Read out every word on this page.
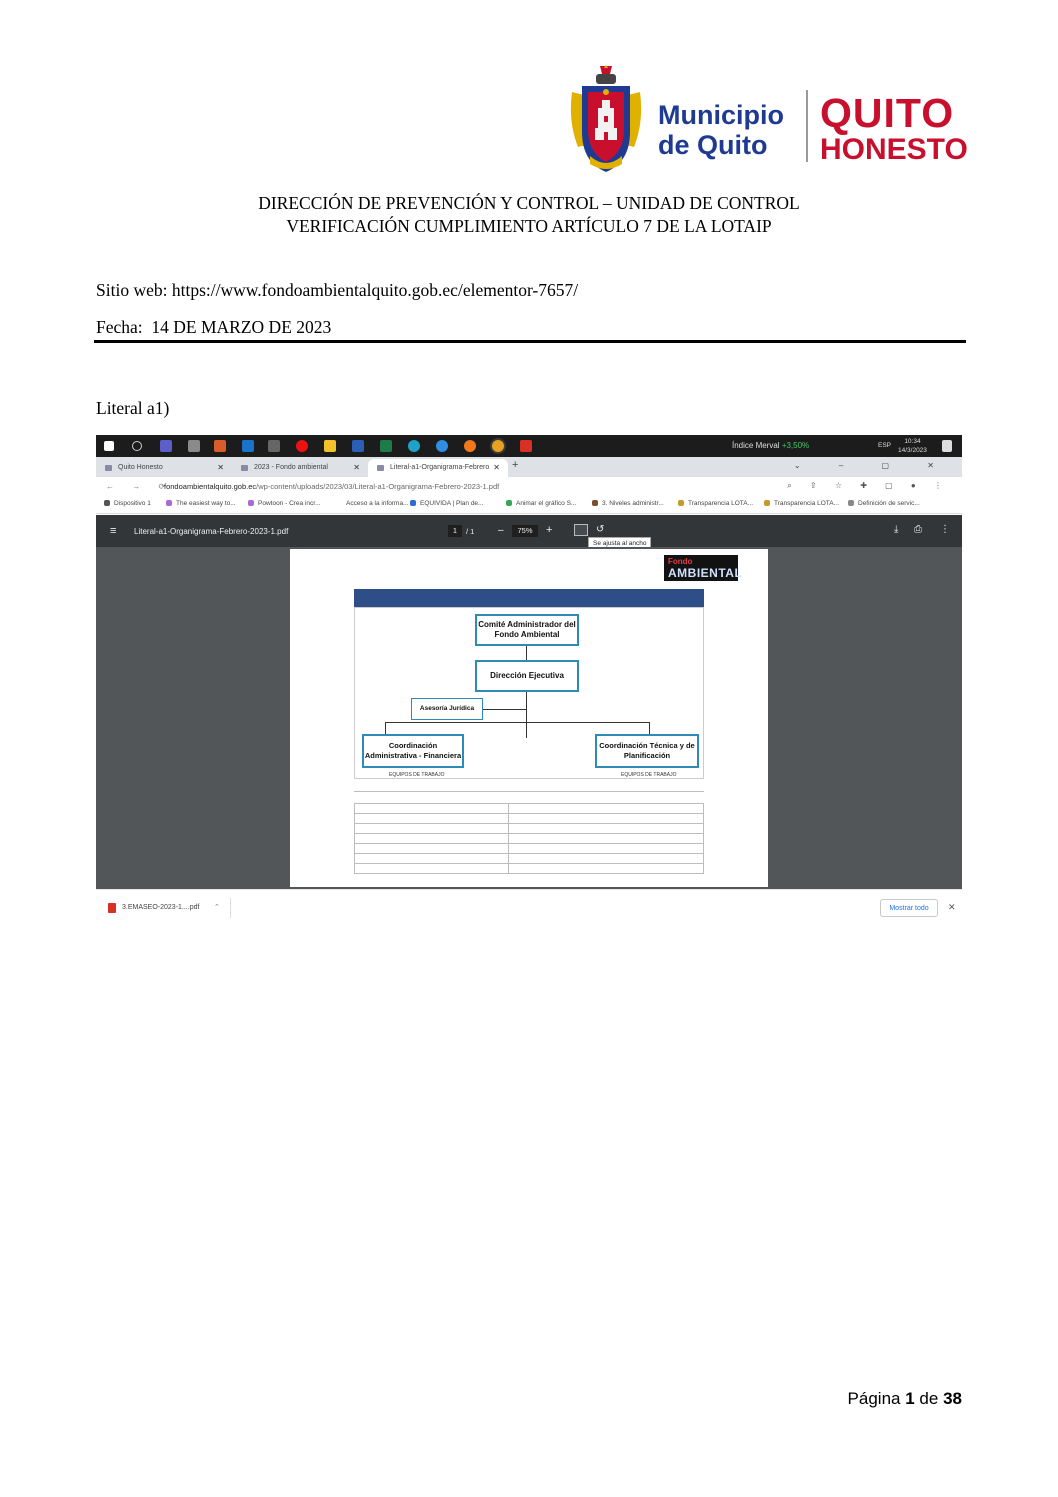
Municipio
de Quito
QUITO
HONESTO
DIRECCIÓN DE PREVENCIÓN Y CONTROL – UNIDAD DE CONTROL
VERIFICACIÓN CUMPLIMIENTO ARTÍCULO 7 DE LA LOTAIP
Sitio web: https://www.fondoambientalquito.gob.ec/elementor-7657/
Fecha: 14 DE MARZO DE 2023
Literal a1)
Índice Merval +3,50%	ESP
10:34
14/3/2023
Quito Honesto	✕	2023 - Fondo ambiental	✕	Literal-a1-Organigrama-Febrero ✕ +	⌄ – ▢ ✕
← → ⟳
fondoambientalquito.gob.ec/wp-content/uploads/2023/03/Literal-a1-Organigrama-Febrero-2023-1.pdf	⌕ ⇪ ☆ ✚ ▢ ● ⋮
Dispositivo 1	The easiest way to...	Powtoon - Crea incr...	Acceso a la informa...	EQUIVIDA | Plan de...	Animar el gráfico S...	3. Niveles administr...	Transparencia LOTA...	Transparencia LOTA...	Definición de servic...
≡ Literal-a1-Organigrama-Febrero-2023-1.pdf	1	/ 1 –	75%	+	↺	⤓ ⎙ ⋮
Se ajusta al ancho
Fondo
AMBIENTAL
Comité Administrador del Fondo Ambiental
Dirección Ejecutiva
Asesoría Jurídica
Coordinación Administrativa - Financiera
Coordinación Técnica y de Planificación
EQUIPOS DE TRABAJO	EQUIPOS DE TRABAJO
3.EMASEO-2023-1....pdf ⌃	Mostrar todo	✕
Página 1 de 38
